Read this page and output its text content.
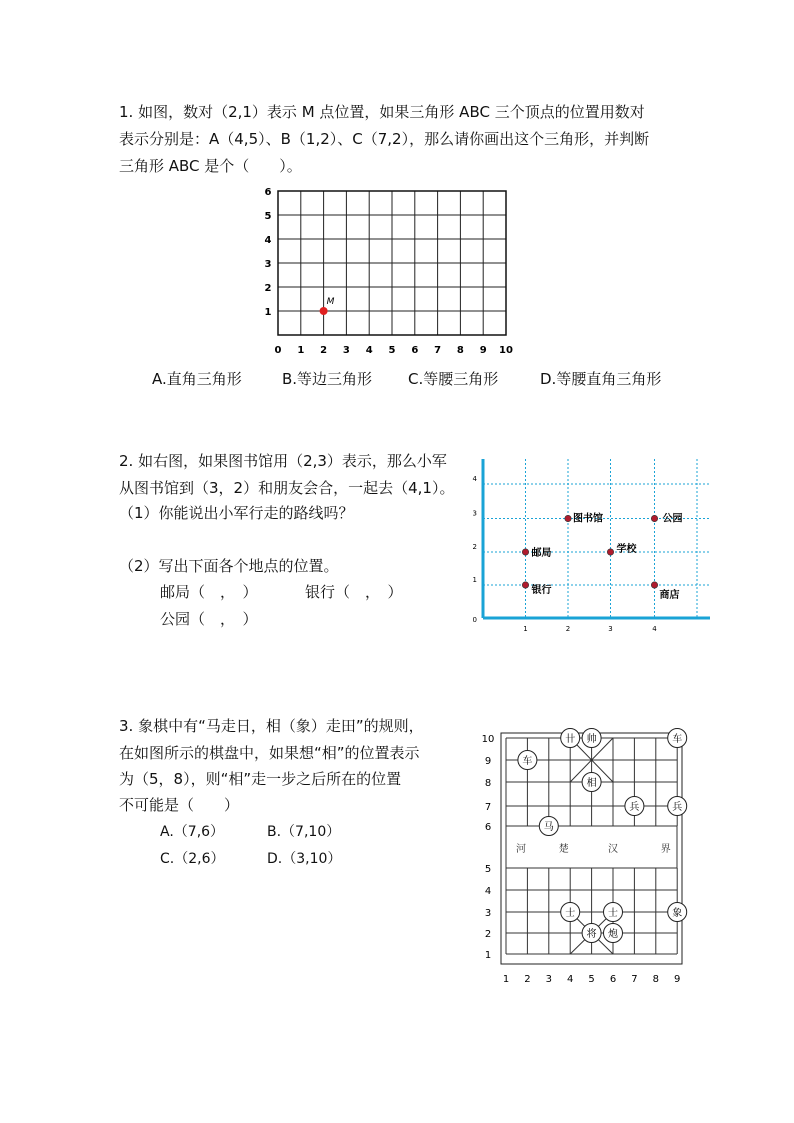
1. 如图，数对（2,1）表示 M 点位置，如果三角形 ABC 三个顶点的位置用数对
表示分别是：A（4,5）、B（1,2）、C（7,2），那么请你画出这个三角形，并判断
三角形 ABC 是个（　　）。
0 1 2 3 4 5 6 7 8 9 10
1
2
3
4
5
6
M
A.直角三角形	B.等边三角形 C.等腰三角形	D.等腰直角三角形
2. 如右图，如果图书馆用（2,3）表示，那么小军
从图书馆到（3，2）和朋友会合，一起去（4,1）。
（1）你能说出小军行走的路线吗？
（2）写出下面各个地点的位置。
邮局（　，　）	银行（　，　）
公园（　，　）
1	2	3	4
0
1
2
3
4
图书馆	公园
邮局	学校
银行	商店
3. 象棋中有“马走日，相（象）走田”的规则，
在如图所示的棋盘中，如果想“相”的位置表示
为（5，8），则“相”走一步之后所在的位置
不可能是（　　）
A.（7,6）	B.（7,10）
C.（2,6）	D.（3,10）
河	楚	汉	界
1
2
3
4
5
6
7
8
9
10
1 2 3 4 5 6 7 8 9
车
帅
卄
车
相
兵	兵
马
士	士	象
将 炮
